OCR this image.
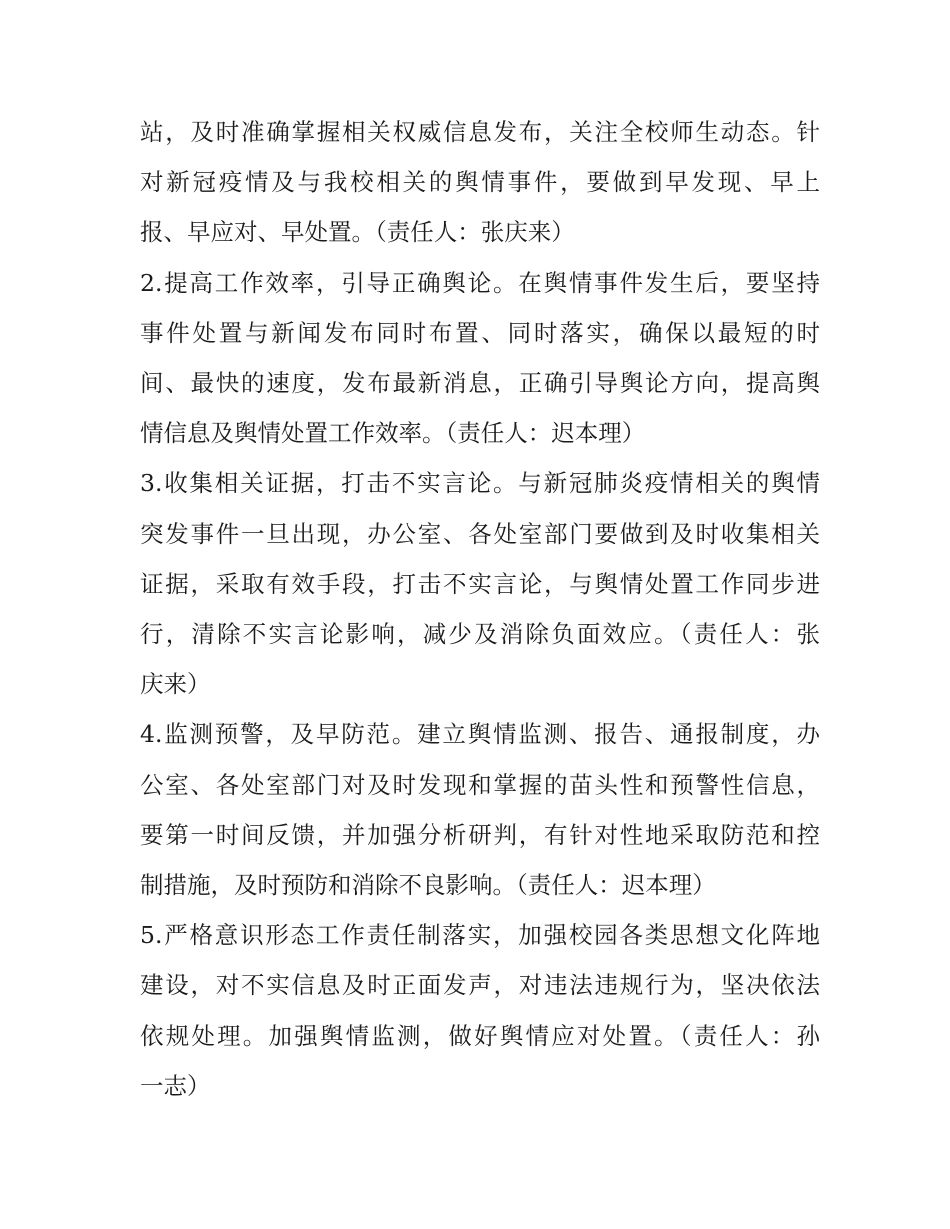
站，及时准确掌握相关权威信息发布，关注全校师生动态。针
对新冠疫情及与我校相关的舆情事件，要做到早发现、早上
报、早应对、早处置。（责任人：张庆来）
2.提高工作效率，引导正确舆论。在舆情事件发生后，要坚持
事件处置与新闻发布同时布置、同时落实，确保以最短的时
间、最快的速度，发布最新消息，正确引导舆论方向，提高舆
情信息及舆情处置工作效率。（责任人：迟本理）
3.收集相关证据，打击不实言论。与新冠肺炎疫情相关的舆情
突发事件一旦出现，办公室、各处室部门要做到及时收集相关
证据，采取有效手段，打击不实言论，与舆情处置工作同步进
行，清除不实言论影响，减少及消除负面效应。（责任人：张
庆来）
4.监测预警，及早防范。建立舆情监测、报告、通报制度，办
公室、各处室部门对及时发现和掌握的苗头性和预警性信息，
要第一时间反馈，并加强分析研判，有针对性地采取防范和控
制措施，及时预防和消除不良影响。（责任人：迟本理）
5.严格意识形态工作责任制落实，加强校园各类思想文化阵地
建设，对不实信息及时正面发声，对违法违规行为，坚决依法
依规处理。加强舆情监测，做好舆情应对处置。（责任人：孙
一志）
